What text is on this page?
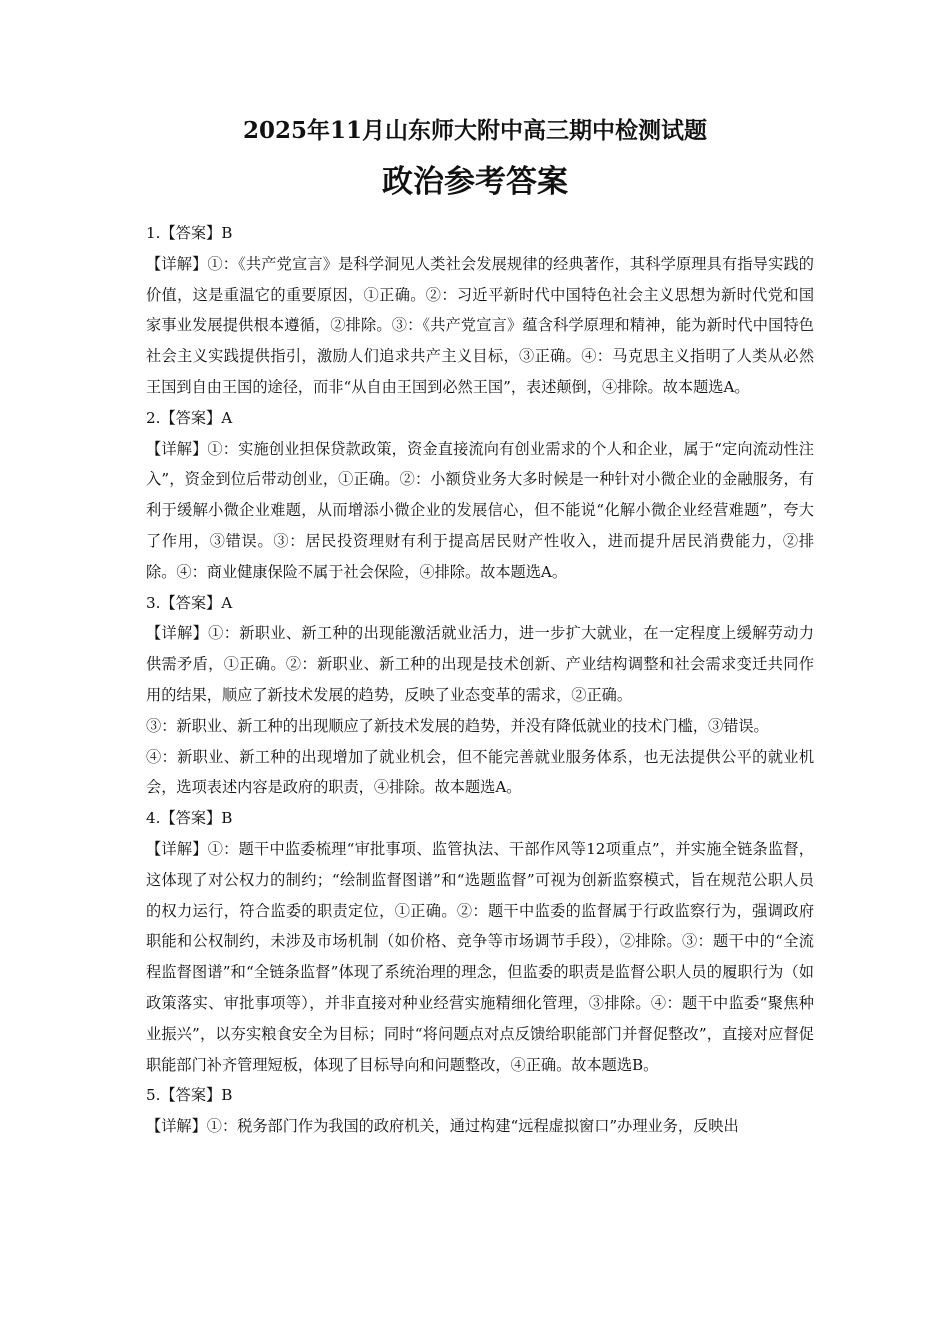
2025年11月山东师大附中高三期中检测试题
政治参考答案

1.【答案】B

【详解】①：《共产党宣言》是科学洞见人类社会发展规律的经典著作，其科学原理具有指导实践的价值，这是重温它的重要原因，①正确。②：习近平新时代中国特色社会主义思想为新时代党和国家事业发展提供根本遵循，②排除。③：《共产党宣言》蕴含科学原理和精神，能为新时代中国特色社会主义实践提供指引，激励人们追求共产主义目标，③正确。④：马克思主义指明了人类从必然王国到自由王国的途径，而非“从自由王国到必然王国”，表述颠倒，④排除。故本题选A。

2.【答案】A

【详解】①：实施创业担保贷款政策，资金直接流向有创业需求的个人和企业，属于“定向流动性注入”，资金到位后带动创业，①正确。②：小额贷业务大多时候是一种针对小微企业的金融服务，有利于缓解小微企业难题，从而增添小微企业的发展信心，但不能说“化解小微企业经营难题”，夸大了作用，③错误。③：居民投资理财有利于提高居民财产性收入，进而提升居民消费能力，②排除。④：商业健康保险不属于社会保险，④排除。故本题选A。

3.【答案】A

【详解】①：新职业、新工种的出现能激活就业活力，进一步扩大就业，在一定程度上缓解劳动力供需矛盾，①正确。②：新职业、新工种的出现是技术创新、产业结构调整和社会需求变迁共同作用的结果，顺应了新技术发展的趋势，反映了业态变革的需求，②正确。

③：新职业、新工种的出现顺应了新技术发展的趋势，并没有降低就业的技术门槛，③错误。

④：新职业、新工种的出现增加了就业机会，但不能完善就业服务体系，也无法提供公平的就业机会，选项表述内容是政府的职责，④排除。故本题选A。

4.【答案】B

【详解】①：题干中监委梳理“审批事项、监管执法、干部作风等12项重点”，并实施全链条监督，这体现了对公权力的制约；“绘制监督图谱”和“选题监督”可视为创新监察模式，旨在规范公职人员的权力运行，符合监委的职责定位，①正确。②：题干中监委的监督属于行政监察行为，强调政府职能和公权制约，未涉及市场机制（如价格、竞争等市场调节手段），②排除。③：题干中的“全流程监督图谱”和“全链条监督”体现了系统治理的理念，但监委的职责是监督公职人员的履职行为（如政策落实、审批事项等），并非直接对种业经营实施精细化管理，③排除。④：题干中监委“聚焦种业振兴”，以夯实粮食安全为目标；同时“将问题点对点反馈给职能部门并督促整改”，直接对应督促职能部门补齐管理短板，体现了目标导向和问题整改，④正确。故本题选B。

5.【答案】B

【详解】①：税务部门作为我国的政府机关，通过构建“远程虚拟窗口”办理业务，反映出
